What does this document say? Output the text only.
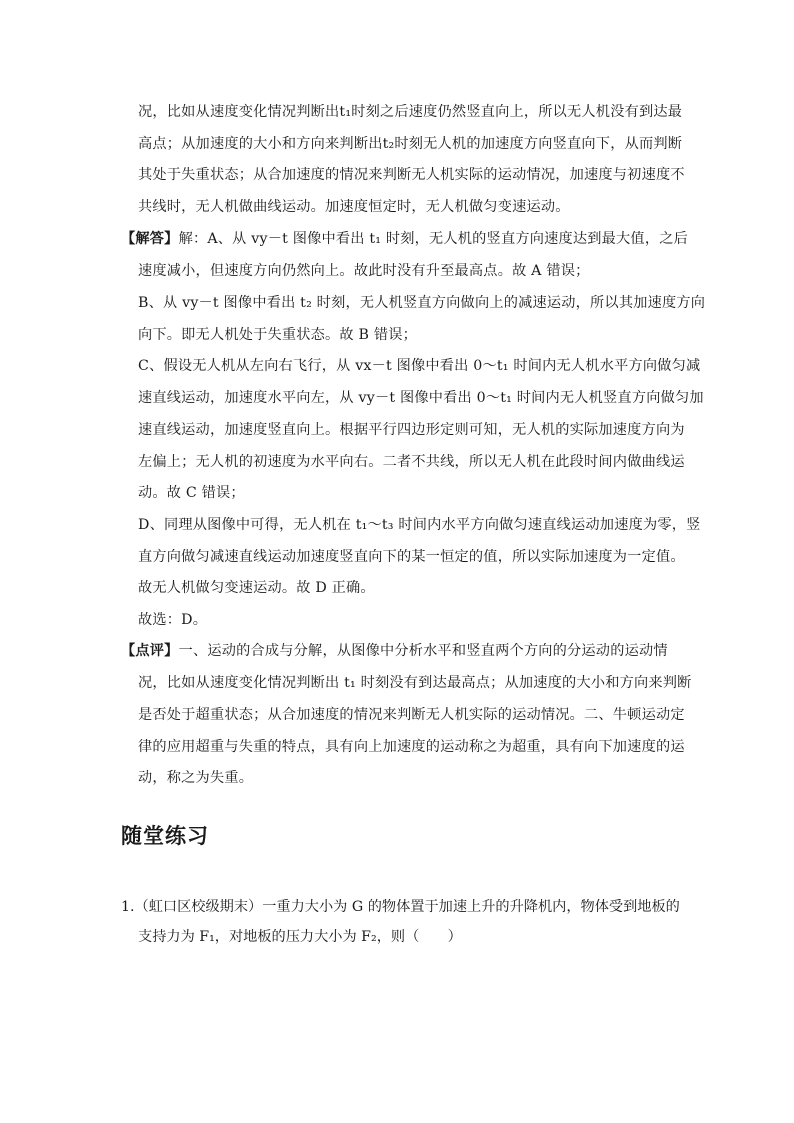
况，比如从速度变化情况判断出t₁时刻之后速度仍然竖直向上，所以无人机没有到达最
高点；从加速度的大小和方向来判断出t₂时刻无人机的加速度方向竖直向下，从而判断
其处于失重状态；从合加速度的情况来判断无人机实际的运动情况，加速度与初速度不
共线时，无人机做曲线运动。加速度恒定时，无人机做匀变速运动。
【解答】解：A、从 vy－t 图像中看出 t₁ 时刻，无人机的竖直方向速度达到最大值，之后
速度减小，但速度方向仍然向上。故此时没有升至最高点。故 A 错误；
B、从 vy－t 图像中看出 t₂ 时刻，无人机竖直方向做向上的减速运动，所以其加速度方向
向下。即无人机处于失重状态。故 B 错误；
C、假设无人机从左向右飞行，从 vx－t 图像中看出 0～t₁ 时间内无人机水平方向做匀减
速直线运动，加速度水平向左，从 vy－t 图像中看出 0～t₁ 时间内无人机竖直方向做匀加
速直线运动，加速度竖直向上。根据平行四边形定则可知，无人机的实际加速度方向为
左偏上；无人机的初速度为水平向右。二者不共线，所以无人机在此段时间内做曲线运
动。故 C 错误；
D、同理从图像中可得，无人机在 t₁～t₃ 时间内水平方向做匀速直线运动加速度为零，竖
直方向做匀减速直线运动加速度竖直向下的某一恒定的值，所以实际加速度为一定值。
故无人机做匀变速运动。故 D 正确。
故选：D。
【点评】一、运动的合成与分解，从图像中分析水平和竖直两个方向的分运动的运动情
况，比如从速度变化情况判断出 t₁ 时刻没有到达最高点；从加速度的大小和方向来判断
是否处于超重状态；从合加速度的情况来判断无人机实际的运动情况。二、牛顿运动定
律的应用超重与失重的特点，具有向上加速度的运动称之为超重，具有向下加速度的运
动，称之为失重。
随堂练习
1.（虹口区校级期末）一重力大小为 G 的物体置于加速上升的升降机内，物体受到地板的
支持力为 F₁，对地板的压力大小为 F₂，则（　　）
